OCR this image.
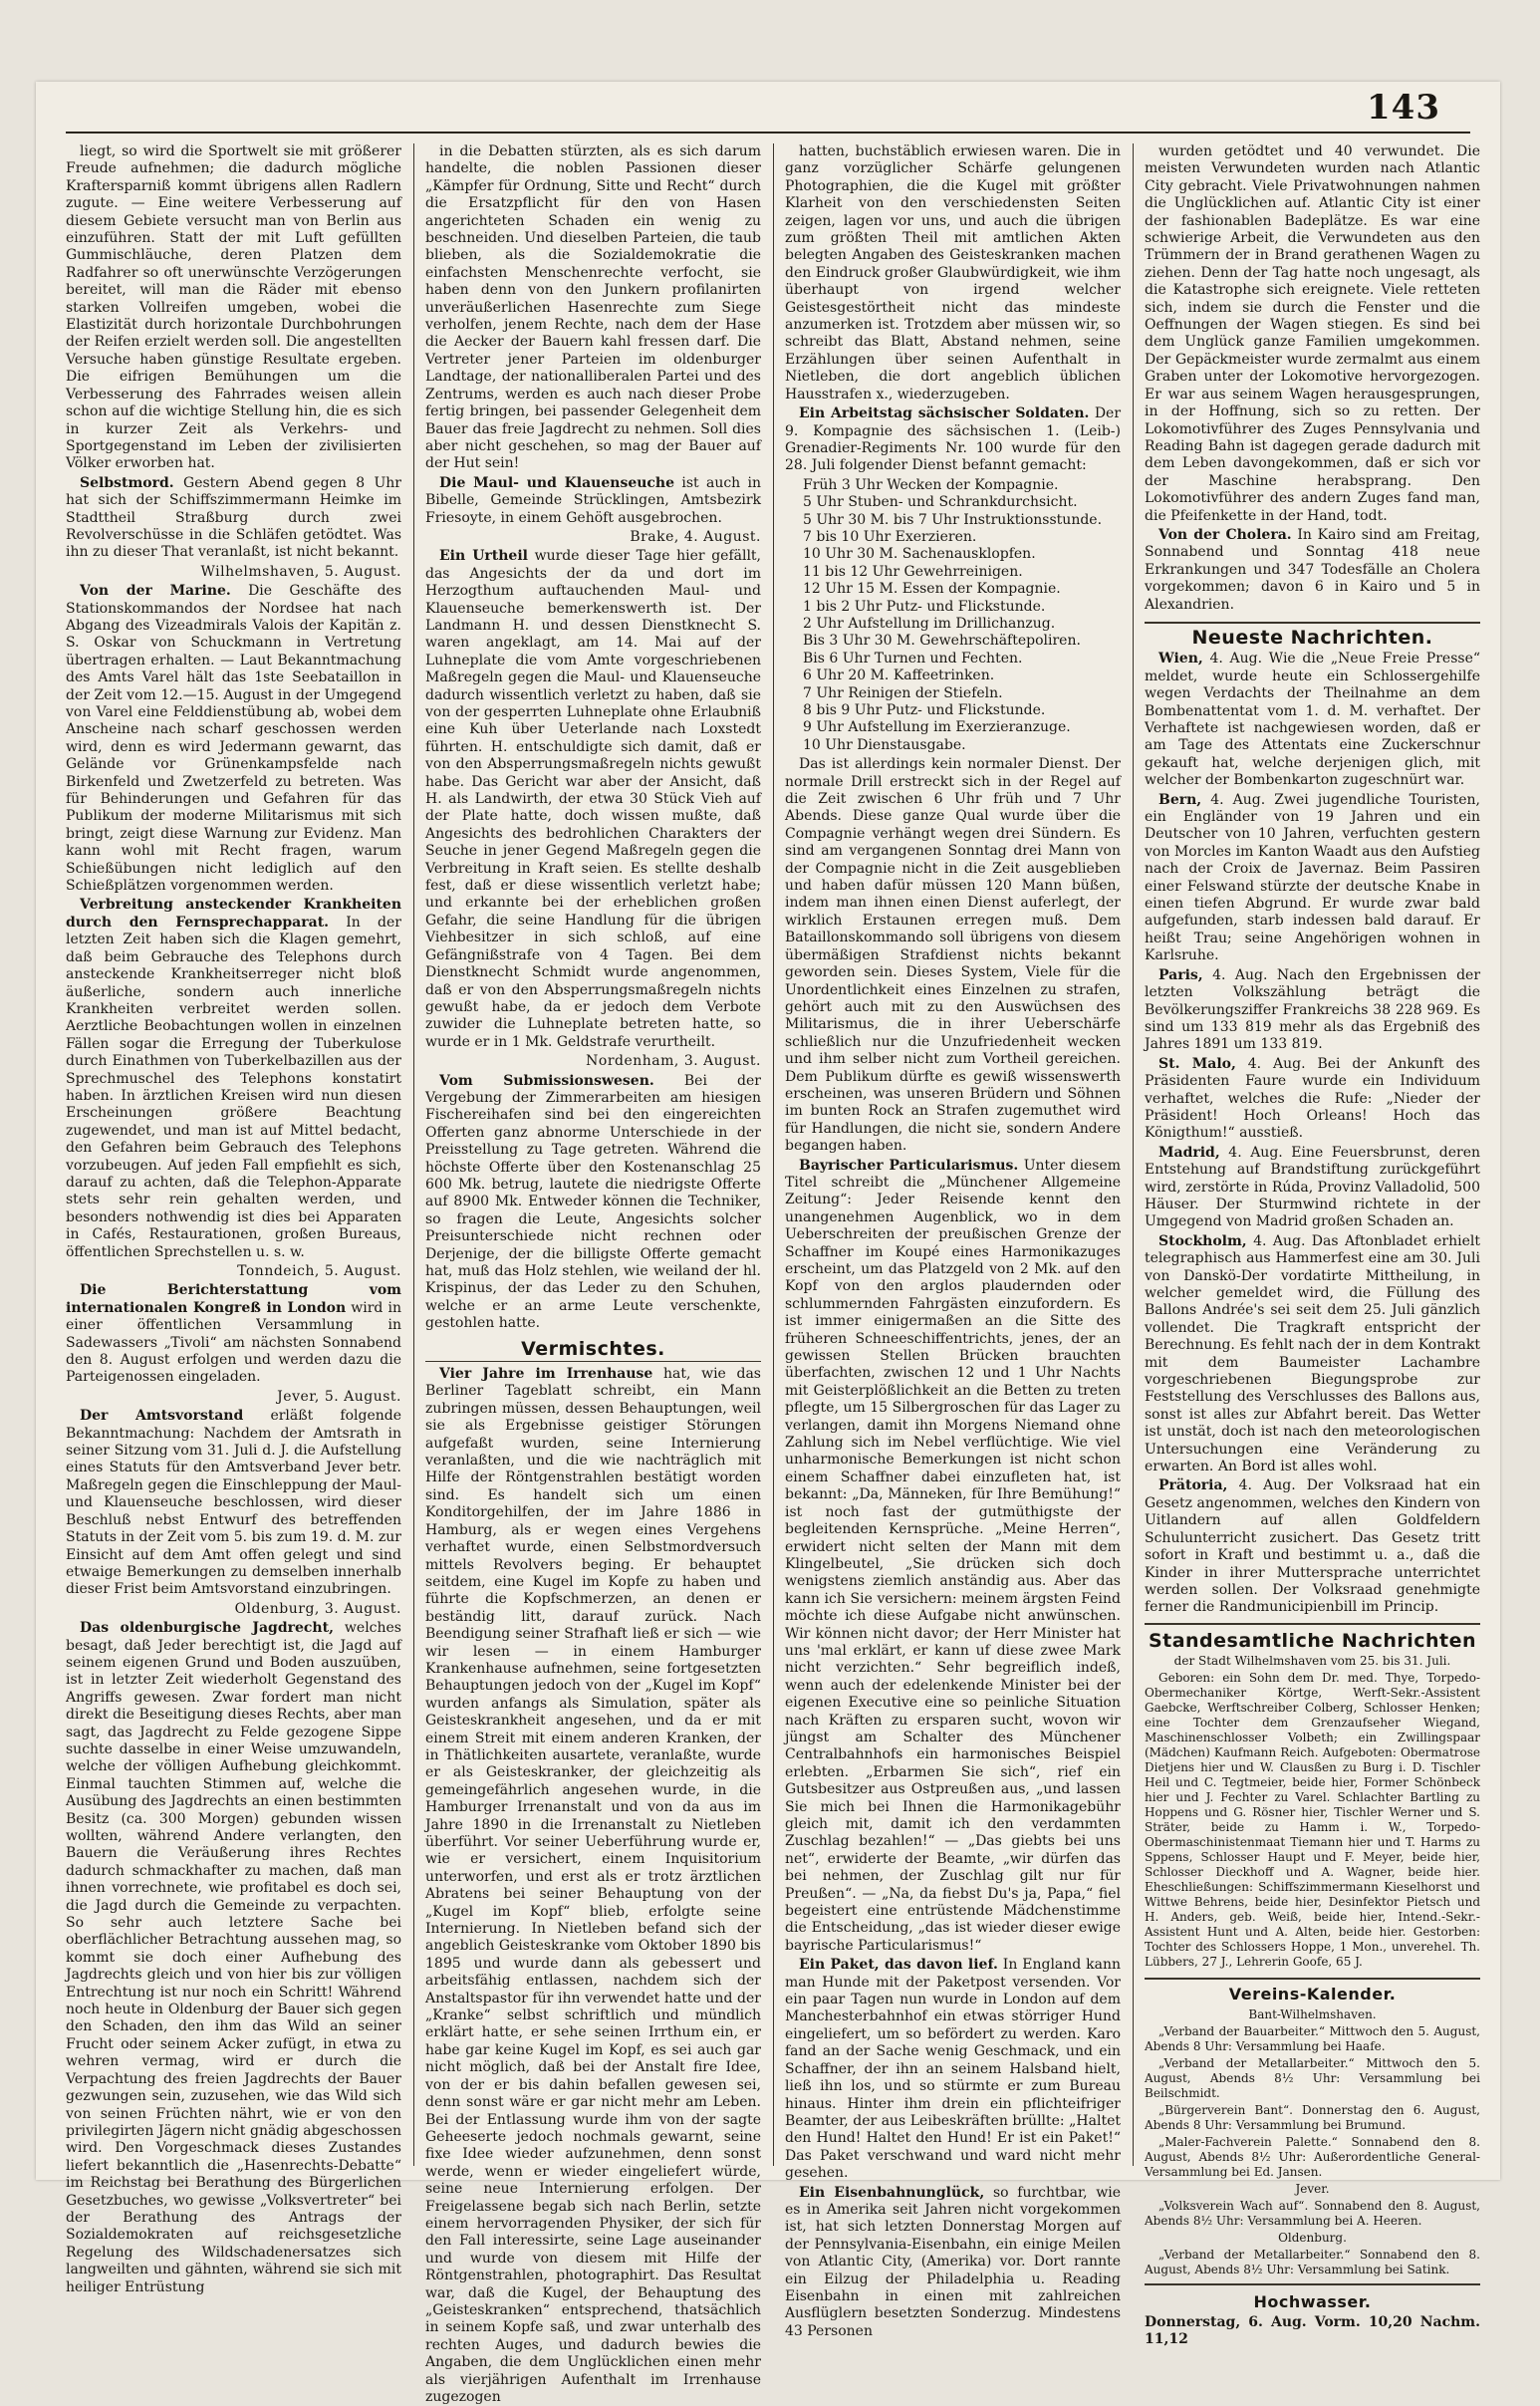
143

liegt, so wird die Sportwelt sie mit größerer Freude aufnehmen; die dadurch mögliche Kraftersparniß kommt übrigens allen Radlern zugute. — Eine weitere Verbesserung auf diesem Gebiete versucht man von Berlin aus einzuführen. Statt der mit Luft gefüllten Gummischläuche, deren Platzen dem Radfahrer so oft unerwünschte Verzögerungen bereitet, will man die Räder mit ebenso starken Vollreifen umgeben, wobei die Elastizität durch horizontale Durchbohrungen der Reifen erzielt werden soll. Die angestellten Versuche haben günstige Resultate ergeben. Die eifrigen Bemühungen um die Verbesserung des Fahrrades weisen allein schon auf die wichtige Stellung hin, die es sich in kurzer Zeit als Verkehrs- und Sportgegenstand im Leben der zivilisierten Völker erworben hat.

Selbstmord. Gestern Abend gegen 8 Uhr hat sich der Schiffszimmermann Heimke im Stadttheil Straßburg durch zwei Revolverschüsse in die Schläfen getödtet. Was ihn zu dieser That veranlaßt, ist nicht bekannt.

Wilhelmshaven, 5. August.

Von der Marine. Die Geschäfte des Stationskommandos der Nordsee hat nach Abgang des Vizeadmirals Valois der Kapitän z. S. Oskar von Schuckmann in Vertretung übertragen erhalten. — Laut Bekanntmachung des Amts Varel hält das 1ste Seebataillon in der Zeit vom 12.—15. August in der Umgegend von Varel eine Felddienstübung ab, wobei dem Anscheine nach scharf geschossen werden wird, denn es wird Jedermann gewarnt, das Gelände vor Grünenkampsfelde nach Birkenfeld und Zwetzerfeld zu betreten. Was für Behinderungen und Gefahren für das Publikum der moderne Militarismus mit sich bringt, zeigt diese Warnung zur Evidenz. Man kann wohl mit Recht fragen, warum Schießübungen nicht lediglich auf den Schießplätzen vorgenommen werden.

Verbreitung ansteckender Krankheiten durch den Fernsprechapparat. In der letzten Zeit haben sich die Klagen gemehrt, daß beim Gebrauche des Telephons durch ansteckende Krankheitserreger nicht bloß äußerliche, sondern auch innerliche Krankheiten verbreitet werden sollen. Aerztliche Beobachtungen wollen in einzelnen Fällen sogar die Erregung der Tuberkulose durch Einathmen von Tuberkelbazillen aus der Sprechmuschel des Telephons konstatirt haben. In ärztlichen Kreisen wird nun diesen Erscheinungen größere Beachtung zugewendet, und man ist auf Mittel bedacht, den Gefahren beim Gebrauch des Telephons vorzubeugen. Auf jeden Fall empfiehlt es sich, darauf zu achten, daß die Telephon-Apparate stets sehr rein gehalten werden, und besonders nothwendig ist dies bei Apparaten in Cafés, Restaurationen, großen Bureaus, öffentlichen Sprechstellen u. s. w.

Tonndeich, 5. August.

Die Berichterstattung vom internationalen Kongreß in London wird in einer öffentlichen Versammlung in Sadewassers „Tivoli“ am nächsten Sonnabend den 8. August erfolgen und werden dazu die Parteigenossen eingeladen.

Jever, 5. August.

Der Amtsvorstand erläßt folgende Bekanntmachung: Nachdem der Amtsrath in seiner Sitzung vom 31. Juli d. J. die Aufstellung eines Statuts für den Amtsverband Jever betr. Maßregeln gegen die Einschleppung der Maul- und Klauenseuche beschlossen, wird dieser Beschluß nebst Entwurf des betreffenden Statuts in der Zeit vom 5. bis zum 19. d. M. zur Einsicht auf dem Amt offen gelegt und sind etwaige Bemerkungen zu demselben innerhalb dieser Frist beim Amtsvorstand einzubringen.

Oldenburg, 3. August.

Das oldenburgische Jagdrecht, welches besagt, daß Jeder berechtigt ist, die Jagd auf seinem eigenen Grund und Boden auszuüben, ist in letzter Zeit wiederholt Gegenstand des Angriffs gewesen. Zwar fordert man nicht direkt die Beseitigung dieses Rechts, aber man sagt, das Jagdrecht zu Felde gezogene Sippe suchte dasselbe in einer Weise umzuwandeln, welche der völligen Aufhebung gleichkommt. Einmal tauchten Stimmen auf, welche die Ausübung des Jagdrechts an einen bestimmten Besitz (ca. 300 Morgen) gebunden wissen wollten, während Andere verlangten, den Bauern die Veräußerung ihres Rechtes dadurch schmackhafter zu machen, daß man ihnen vorrechnete, wie profitabel es doch sei, die Jagd durch die Gemeinde zu verpachten. So sehr auch letztere Sache bei oberflächlicher Betrachtung aussehen mag, so kommt sie doch einer Aufhebung des Jagdrechts gleich und von hier bis zur völligen Entrechtung ist nur noch ein Schritt! Während noch heute in Oldenburg der Bauer sich gegen den Schaden, den ihm das Wild an seiner Frucht oder seinem Acker zufügt, in etwa zu wehren vermag, wird er durch die Verpachtung des freien Jagdrechts der Bauer gezwungen sein, zuzusehen, wie das Wild sich von seinen Früchten nährt, wie er von den privilegirten Jägern nicht gnädig abgeschossen wird. Den Vorgeschmack dieses Zustandes liefert bekanntlich die „Hasenrechts-Debatte“ im Reichstag bei Berathung des Bürgerlichen Gesetzbuches, wo gewisse „Volksvertreter“ bei der Berathung des Antrags der Sozialdemokraten auf reichsgesetzliche Regelung des Wildschadenersatzes sich langweilten und gähnten, während sie sich mit heiliger Entrüstung

in die Debatten stürzten, als es sich darum handelte, die noblen Passionen dieser „Kämpfer für Ordnung, Sitte und Recht“ durch die Ersatzpflicht für den von Hasen angerichteten Schaden ein wenig zu beschneiden. Und dieselben Parteien, die taub blieben, als die Sozialdemokratie die einfachsten Menschenrechte verfocht, sie haben denn von den Junkern profilanirten unveräußerlichen Hasenrechte zum Siege verholfen, jenem Rechte, nach dem der Hase die Aecker der Bauern kahl fressen darf. Die Vertreter jener Parteien im oldenburger Landtage, der nationalliberalen Partei und des Zentrums, werden es auch nach dieser Probe fertig bringen, bei passender Gelegenheit dem Bauer das freie Jagdrecht zu nehmen. Soll dies aber nicht geschehen, so mag der Bauer auf der Hut sein!

Die Maul- und Klauenseuche ist auch in Bibelle, Gemeinde Strücklingen, Amtsbezirk Friesoyte, in einem Gehöft ausgebrochen.

Brake, 4. August.

Ein Urtheil wurde dieser Tage hier gefällt, das Angesichts der da und dort im Herzogthum auftauchenden Maul- und Klauenseuche bemerkenswerth ist. Der Landmann H. und dessen Dienstknecht S. waren angeklagt, am 14. Mai auf der Luhneplate die vom Amte vorgeschriebenen Maßregeln gegen die Maul- und Klauenseuche dadurch wissentlich verletzt zu haben, daß sie von der gesperrten Luhneplate ohne Erlaubniß eine Kuh über Ueterlande nach Loxstedt führten. H. entschuldigte sich damit, daß er von den Absperrungsmaßregeln nichts gewußt habe. Das Gericht war aber der Ansicht, daß H. als Landwirth, der etwa 30 Stück Vieh auf der Plate hatte, doch wissen mußte, daß Angesichts des bedrohlichen Charakters der Seuche in jener Gegend Maßregeln gegen die Verbreitung in Kraft seien. Es stellte deshalb fest, daß er diese wissentlich verletzt habe; und erkannte bei der erheblichen großen Gefahr, die seine Handlung für die übrigen Viehbesitzer in sich schloß, auf eine Gefängnißstrafe von 4 Tagen. Bei dem Dienstknecht Schmidt wurde angenommen, daß er von den Absperrungsmaßregeln nichts gewußt habe, da er jedoch dem Verbote zuwider die Luhneplate betreten hatte, so wurde er in 1 Mk. Geldstrafe verurtheilt.

Nordenham, 3. August.

Vom Submissionswesen. Bei der Vergebung der Zimmerarbeiten am hiesigen Fischereihafen sind bei den eingereichten Offerten ganz abnorme Unterschiede in der Preisstellung zu Tage getreten. Während die höchste Offerte über den Kostenanschlag 25 600 Mk. betrug, lautete die niedrigste Offerte auf 8900 Mk. Entweder können die Techniker, so fragen die Leute, Angesichts solcher Preisunterschiede nicht rechnen oder Derjenige, der die billigste Offerte gemacht hat, muß das Holz stehlen, wie weiland der hl. Krispinus, der das Leder zu den Schuhen, welche er an arme Leute verschenkte, gestohlen hatte.

Vermischtes.

Vier Jahre im Irrenhause hat, wie das Berliner Tageblatt schreibt, ein Mann zubringen müssen, dessen Behauptungen, weil sie als Ergebnisse geistiger Störungen aufgefaßt wurden, seine Internierung veranlaßten, und die wie nachträglich mit Hilfe der Röntgenstrahlen bestätigt worden sind. Es handelt sich um einen Konditorgehilfen, der im Jahre 1886 in Hamburg, als er wegen eines Vergehens verhaftet wurde, einen Selbstmordversuch mittels Revolvers beging. Er behauptet seitdem, eine Kugel im Kopfe zu haben und führte die Kopfschmerzen, an denen er beständig litt, darauf zurück. Nach Beendigung seiner Strafhaft ließ er sich — wie wir lesen — in einem Hamburger Krankenhause aufnehmen, seine fortgesetzten Behauptungen jedoch von der „Kugel im Kopf“ wurden anfangs als Simulation, später als Geisteskrankheit angesehen, und da er mit einem Streit mit einem anderen Kranken, der in Thätlichkeiten ausartete, veranlaßte, wurde er als Geisteskranker, der gleichzeitig als gemeingefährlich angesehen wurde, in die Hamburger Irrenanstalt und von da aus im Jahre 1890 in die Irrenanstalt zu Nietleben überführt. Vor seiner Ueberführung wurde er, wie er versichert, einem Inquisitorium unterworfen, und erst als er trotz ärztlichen Abratens bei seiner Behauptung von der „Kugel im Kopf“ blieb, erfolgte seine Internierung. In Nietleben befand sich der angeblich Geisteskranke vom Oktober 1890 bis 1895 und wurde dann als gebessert und arbeitsfähig entlassen, nachdem sich der Anstaltspastor für ihn verwendet hatte und der „Kranke“ selbst schriftlich und mündlich erklärt hatte, er sehe seinen Irrthum ein, er habe gar keine Kugel im Kopf, es sei auch gar nicht möglich, daß bei der Anstalt fire Idee, von der er bis dahin befallen gewesen sei, denn sonst wäre er gar nicht mehr am Leben. Bei der Entlassung wurde ihm von der sagte Geheeserte jedoch nochmals gewarnt, seine fixe Idee wieder aufzunehmen, denn sonst werde, wenn er wieder eingeliefert würde, seine neue Internierung erfolgen. Der Freigelassene begab sich nach Berlin, setzte einem hervorragenden Physiker, der sich für den Fall interessirte, seine Lage auseinander und wurde von diesem mit Hilfe der Röntgenstrahlen, photographirt. Das Resultat war, daß die Kugel, der Behauptung des „Geisteskranken“ entsprechend, thatsächlich in seinem Kopfe saß, und zwar unterhalb des rechten Auges, und dadurch bewies die Angaben, die dem Unglücklichen einen mehr als vierjährigen Aufenthalt im Irrenhause zugezogen

hatten, buchstäblich erwiesen waren. Die in ganz vorzüglicher Schärfe gelungenen Photographien, die die Kugel mit größter Klarheit von den verschiedensten Seiten zeigen, lagen vor uns, und auch die übrigen zum größten Theil mit amtlichen Akten belegten Angaben des Geisteskranken machen den Eindruck großer Glaubwürdigkeit, wie ihm überhaupt von irgend welcher Geistesgestörtheit nicht das mindeste anzumerken ist. Trotzdem aber müssen wir, so schreibt das Blatt, Abstand nehmen, seine Erzählungen über seinen Aufenthalt in Nietleben, die dort angeblich üblichen Hausstrafen x., wiederzugeben.

Ein Arbeitstag sächsischer Soldaten. Der 9. Kompagnie des sächsischen 1. (Leib-) Grenadier-Regiments Nr. 100 wurde für den 28. Juli folgender Dienst befannt gemacht:

Früh 3 Uhr Wecken der Kompagnie.
5 Uhr Stuben- und Schrankdurchsicht.
5 Uhr 30 M. bis 7 Uhr Instruktionsstunde.
7 bis 10 Uhr Exerzieren.
10 Uhr 30 M. Sachenausklopfen.
11 bis 12 Uhr Gewehrreinigen.
12 Uhr 15 M. Essen der Kompagnie.
1 bis 2 Uhr Putz- und Flickstunde.
2 Uhr Aufstellung im Drillichanzug.
Bis 3 Uhr 30 M. Gewehrschäftepoliren.
Bis 6 Uhr Turnen und Fechten.
6 Uhr 20 M. Kaffeetrinken.
7 Uhr Reinigen der Stiefeln.
8 bis 9 Uhr Putz- und Flickstunde.
9 Uhr Aufstellung im Exerzieranzuge.
10 Uhr Dienstausgabe.

Das ist allerdings kein normaler Dienst. Der normale Drill erstreckt sich in der Regel auf die Zeit zwischen 6 Uhr früh und 7 Uhr Abends. Diese ganze Qual wurde über die Compagnie verhängt wegen drei Sündern. Es sind am vergangenen Sonntag drei Mann von der Compagnie nicht in die Zeit ausgeblieben und haben dafür müssen 120 Mann büßen, indem man ihnen einen Dienst auferlegt, der wirklich Erstaunen erregen muß. Dem Bataillonskommando soll übrigens von diesem übermäßigen Strafdienst nichts bekannt geworden sein. Dieses System, Viele für die Unordentlichkeit eines Einzelnen zu strafen, gehört auch mit zu den Auswüchsen des Militarismus, die in ihrer Ueberschärfe schließlich nur die Unzufriedenheit wecken und ihm selber nicht zum Vortheil gereichen. Dem Publikum dürfte es gewiß wissenswerth erscheinen, was unseren Brüdern und Söhnen im bunten Rock an Strafen zugemuthet wird für Handlungen, die nicht sie, sondern Andere begangen haben.

Bayrischer Particularismus. Unter diesem Titel schreibt die „Münchener Allgemeine Zeitung“: Jeder Reisende kennt den unangenehmen Augenblick, wo in dem Ueberschreiten der preußischen Grenze der Schaffner im Koupé eines Harmonikazuges erscheint, um das Platzgeld von 2 Mk. auf den Kopf von den arglos plaudernden oder schlummernden Fahrgästen einzufordern. Es ist immer einigermaßen an die Sitte des früheren Schneeschiffentrichts, jenes, der an gewissen Stellen Brücken brauchten überfachten, zwischen 12 und 1 Uhr Nachts mit Geisterplößlichkeit an die Betten zu treten pflegte, um 15 Silbergroschen für das Lager zu verlangen, damit ihn Morgens Niemand ohne Zahlung sich im Nebel verflüchtige. Wie viel unharmonische Bemerkungen ist nicht schon einem Schaffner dabei einzufleten hat, ist bekannt: „Da, Männeken, für Ihre Bemühung!“ ist noch fast der gutmüthigste der begleitenden Kernsprüche. „Meine Herren“, erwidert nicht selten der Mann mit dem Klingelbeutel, „Sie drücken sich doch wenigstens ziemlich anständig aus. Aber das kann ich Sie versichern: meinem ärgsten Feind möchte ich diese Aufgabe nicht anwünschen. Wir können nicht davor; der Herr Minister hat uns 'mal erklärt, er kann uf diese zwee Mark nicht verzichten.“ Sehr begreiflich indeß, wenn auch der edelenkende Minister bei der eigenen Executive eine so peinliche Situation nach Kräften zu ersparen sucht, wovon wir jüngst am Schalter des Münchener Centralbahnhofs ein harmonisches Beispiel erlebten. „Erbarmen Sie sich“, rief ein Gutsbesitzer aus Ostpreußen aus, „und lassen Sie mich bei Ihnen die Harmonikagebühr gleich mit, damit ich den verdammten Zuschlag bezahlen!“ — „Das giebts bei uns net“, erwiderte der Beamte, „wir dürfen das bei nehmen, der Zuschlag gilt nur für Preußen“. — „Na, da fiebst Du's ja, Papa,“ fiel begeistert eine entrüstende Mädchenstimme die Entscheidung, „das ist wieder dieser ewige bayrische Particularismus!“

Ein Paket, das davon lief. In England kann man Hunde mit der Paketpost versenden. Vor ein paar Tagen nun wurde in London auf dem Manchesterbahnhof ein etwas störriger Hund eingeliefert, um so befördert zu werden. Karo fand an der Sache wenig Geschmack, und ein Schaffner, der ihn an seinem Halsband hielt, ließ ihn los, und so stürmte er zum Bureau hinaus. Hinter ihm drein ein pflichteifriger Beamter, der aus Leibeskräften brüllte: „Haltet den Hund! Haltet den Hund! Er ist ein Paket!“ Das Paket verschwand und ward nicht mehr gesehen.

Ein Eisenbahnunglück, so furchtbar, wie es in Amerika seit Jahren nicht vorgekommen ist, hat sich letzten Donnerstag Morgen auf der Pennsylvania-Eisenbahn, ein einige Meilen von Atlantic City, (Amerika) vor. Dort rannte ein Eilzug der Philadelphia u. Reading Eisenbahn in einen mit zahlreichen Ausflüglern besetzten Sonderzug. Mindestens 43 Personen

wurden getödtet und 40 verwundet. Die meisten Verwundeten wurden nach Atlantic City gebracht. Viele Privatwohnungen nahmen die Unglücklichen auf. Atlantic City ist einer der fashionablen Badeplätze. Es war eine schwierige Arbeit, die Verwundeten aus den Trümmern der in Brand gerathenen Wagen zu ziehen. Denn der Tag hatte noch ungesagt, als die Katastrophe sich ereignete. Viele retteten sich, indem sie durch die Fenster und die Oeffnungen der Wagen stiegen. Es sind bei dem Unglück ganze Familien umgekommen. Der Gepäckmeister wurde zermalmt aus einem Graben unter der Lokomotive hervorgezogen. Er war aus seinem Wagen herausgesprungen, in der Hoffnung, sich so zu retten. Der Lokomotivführer des Zuges Pennsylvania und Reading Bahn ist dagegen gerade dadurch mit dem Leben davongekommen, daß er sich vor der Maschine herabsprang. Den Lokomotivführer des andern Zuges fand man, die Pfeifenkette in der Hand, todt.

Von der Cholera. In Kairo sind am Freitag, Sonnabend und Sonntag 418 neue Erkrankungen und 347 Todesfälle an Cholera vorgekommen; davon 6 in Kairo und 5 in Alexandrien.

Neueste Nachrichten.

Wien, 4. Aug. Wie die „Neue Freie Presse“ meldet, wurde heute ein Schlossergehilfe wegen Verdachts der Theilnahme an dem Bombenattentat vom 1. d. M. verhaftet. Der Verhaftete ist nachgewiesen worden, daß er am Tage des Attentats eine Zuckerschnur gekauft hat, welche derjenigen glich, mit welcher der Bombenkarton zugeschnürt war.

Bern, 4. Aug. Zwei jugendliche Touristen, ein Engländer von 19 Jahren und ein Deutscher von 10 Jahren, verfuchten gestern von Morcles im Kanton Waadt aus den Aufstieg nach der Croix de Javernaz. Beim Passiren einer Felswand stürzte der deutsche Knabe in einen tiefen Abgrund. Er wurde zwar bald aufgefunden, starb indessen bald darauf. Er heißt Trau; seine Angehörigen wohnen in Karlsruhe.

Paris, 4. Aug. Nach den Ergebnissen der letzten Volkszählung beträgt die Bevölkerungsziffer Frankreichs 38 228 969. Es sind um 133 819 mehr als das Ergebniß des Jahres 1891 um 133 819.

St. Malo, 4. Aug. Bei der Ankunft des Präsidenten Faure wurde ein Individuum verhaftet, welches die Rufe: „Nieder der Präsident! Hoch Orleans! Hoch das Königthum!“ ausstieß.

Madrid, 4. Aug. Eine Feuersbrunst, deren Entstehung auf Brandstiftung zurückgeführt wird, zerstörte in Rúda, Provinz Valladolid, 500 Häuser. Der Sturmwind richtete in der Umgegend von Madrid großen Schaden an.

Stockholm, 4. Aug. Das Aftonbladet erhielt telegraphisch aus Hammerfest eine am 30. Juli von Danskö-Der vordatirte Mittheilung, in welcher gemeldet wird, die Füllung des Ballons Andrée's sei seit dem 25. Juli gänzlich vollendet. Die Tragkraft entspricht der Berechnung. Es fehlt nach der in dem Kontrakt mit dem Baumeister Lachambre vorgeschriebenen Biegungsprobe zur Feststellung des Verschlusses des Ballons aus, sonst ist alles zur Abfahrt bereit. Das Wetter ist unstät, doch ist nach den meteorologischen Untersuchungen eine Veränderung zu erwarten. An Bord ist alles wohl.

Prätoria, 4. Aug. Der Volksraad hat ein Gesetz angenommen, welches den Kindern von Uitlandern auf allen Goldfeldern Schulunterricht zusichert. Das Gesetz tritt sofort in Kraft und bestimmt u. a., daß die Kinder in ihrer Muttersprache unterrichtet werden sollen. Der Volksraad genehmigte ferner die Randmunicipienbill im Princip.

Standesamtliche Nachrichten
der Stadt Wilhelmshaven vom 25. bis 31. Juli.

Geboren: ein Sohn dem Dr. med. Thye, Torpedo-Obermechaniker Körtge, Werft-Sekr.-Assistent Gaebcke, Werftschreiber Colberg, Schlosser Henken; eine Tochter dem Grenzaufseher Wiegand, Maschinenschlosser Volbeth; ein Zwillingspaar (Mädchen) Kaufmann Reich. Aufgeboten: Obermatrose Dietjens hier und W. Clausßen zu Burg i. D. Tischler Heil und C. Tegtmeier, beide hier, Former Schönbeck hier und J. Fechter zu Varel. Schlachter Bartling zu Hoppens und G. Rösner hier, Tischler Werner und S. Sträter, beide zu Hamm i. W., Torpedo-Obermaschinistenmaat Tiemann hier und T. Harms zu Sppens, Schlosser Haupt und F. Meyer, beide hier, Schlosser Dieckhoff und A. Wagner, beide hier. Eheschließungen: Schiffszimmermann Kieselhorst und Wittwe Behrens, beide hier, Desinfektor Pietsch und H. Anders, geb. Weiß, beide hier, Intend.-Sekr.-Assistent Hunt und A. Alten, beide hier. Gestorben: Tochter des Schlossers Hoppe, 1 Mon., unverehel. Th. Lübbers, 27 J., Lehrerin Goofe, 65 J.

Vereins-Kalender.
Bant-Wilhelmshaven.

„Verband der Bauarbeiter.“ Mittwoch den 5. August, Abends 8 Uhr: Versammlung bei Haafe.

„Verband der Metallarbeiter.“ Mittwoch den 5. August, Abends 8½ Uhr: Versammlung bei Beilschmidt.

„Bürgerverein Bant“. Donnerstag den 6. August, Abends 8 Uhr: Versammlung bei Brumund.

„Maler-Fachverein Palette.“ Sonnabend den 8. August, Abends 8½ Uhr: Außerordentliche General-Versammlung bei Ed. Jansen.

Jever.

„Volksverein Wach auf“. Sonnabend den 8. August, Abends 8½ Uhr: Versammlung bei A. Heeren.

Oldenburg.

„Verband der Metallarbeiter.“ Sonnabend den 8. August, Abends 8½ Uhr: Versammlung bei Satink.

Hochwasser.
Donnerstag, 6. Aug. Vorm. 10,20 Nachm. 11,12
